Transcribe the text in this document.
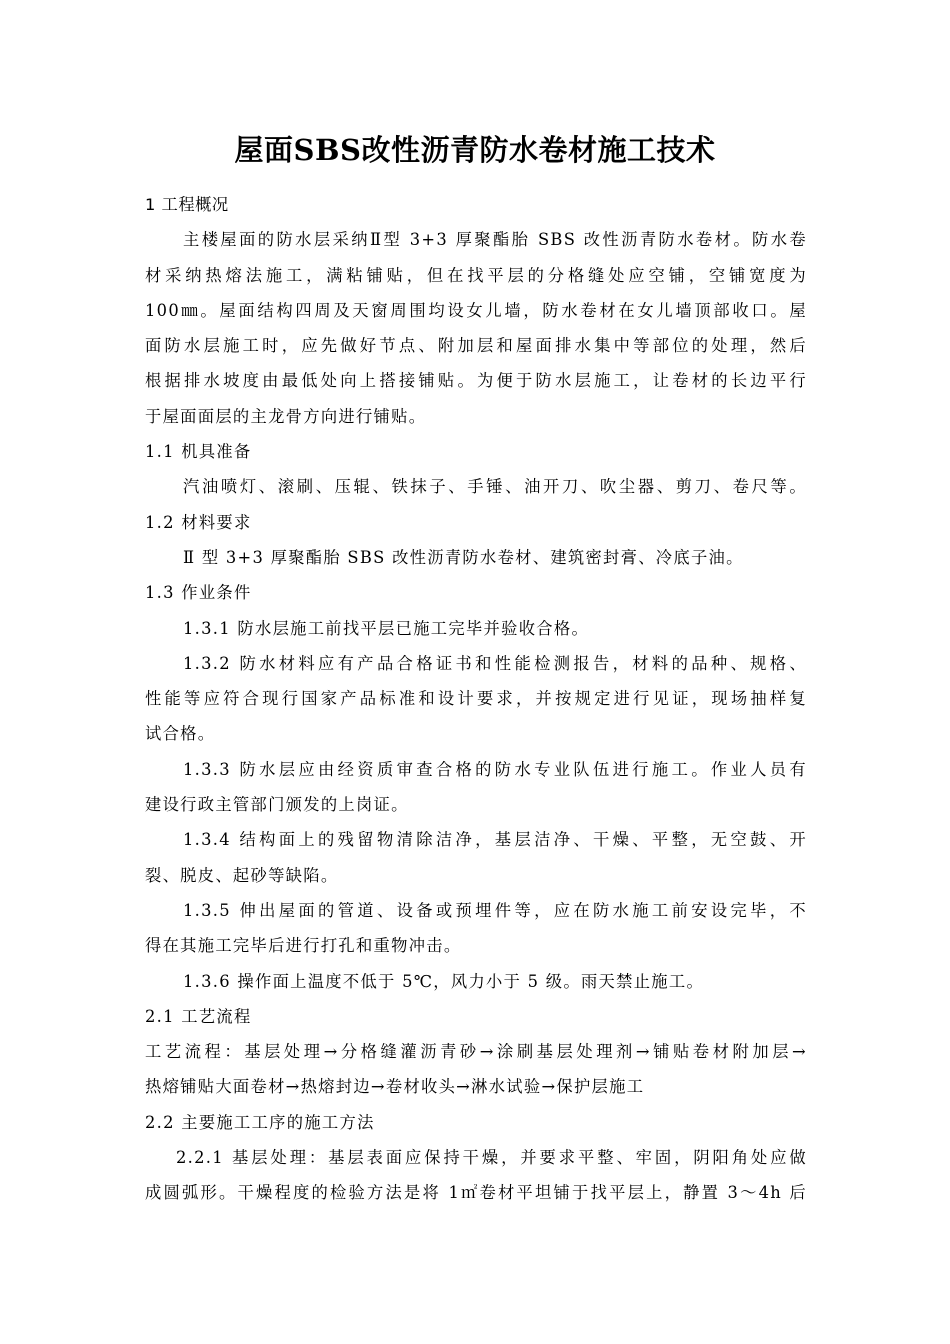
屋面SBS改性沥青防水卷材施工技术
1 工程概况
主楼屋面的防水层采纳Ⅱ型 3+3 厚聚酯胎 SBS 改性沥青防水卷材。防水卷
材采纳热熔法施工，满粘铺贴，但在找平层的分格缝处应空铺，空铺宽度为
100㎜。屋面结构四周及天窗周围均设女儿墙，防水卷材在女儿墙顶部收口。屋
面防水层施工时，应先做好节点、附加层和屋面排水集中等部位的处理，然后
根据排水坡度由最低处向上搭接铺贴。为便于防水层施工，让卷材的长边平行
于屋面面层的主龙骨方向进行铺贴。
1.1 机具准备
汽油喷灯、滚刷、压辊、铁抹子、手锤、油开刀、吹尘器、剪刀、卷尺等。
1.2 材料要求
Ⅱ 型 3+3 厚聚酯胎 SBS 改性沥青防水卷材、建筑密封膏、冷底子油。
1.3 作业条件
1.3.1 防水层施工前找平层已施工完毕并验收合格。
1.3.2 防水材料应有产品合格证书和性能检测报告，材料的品种、规格、
性能等应符合现行国家产品标准和设计要求，并按规定进行见证，现场抽样复
试合格。
1.3.3 防水层应由经资质审查合格的防水专业队伍进行施工。作业人员有
建设行政主管部门颁发的上岗证。
1.3.4 结构面上的残留物清除洁净，基层洁净、干燥、平整，无空鼓、开
裂、脱皮、起砂等缺陷。
1.3.5 伸出屋面的管道、设备或预埋件等，应在防水施工前安设完毕，不
得在其施工完毕后进行打孔和重物冲击。
1.3.6 操作面上温度不低于 5℃，风力小于 5 级。雨天禁止施工。
2.1 工艺流程
工艺流程：基层处理→分格缝灌沥青砂→涂刷基层处理剂→铺贴卷材附加层→
热熔铺贴大面卷材→热熔封边→卷材收头→淋水试验→保护层施工
2.2 主要施工工序的施工方法
2.2.1 基层处理：基层表面应保持干燥，并要求平整、牢固，阴阳角处应做
成圆弧形。干燥程度的检验方法是将 1㎡卷材平坦铺于找平层上，静置 3～4h 后
